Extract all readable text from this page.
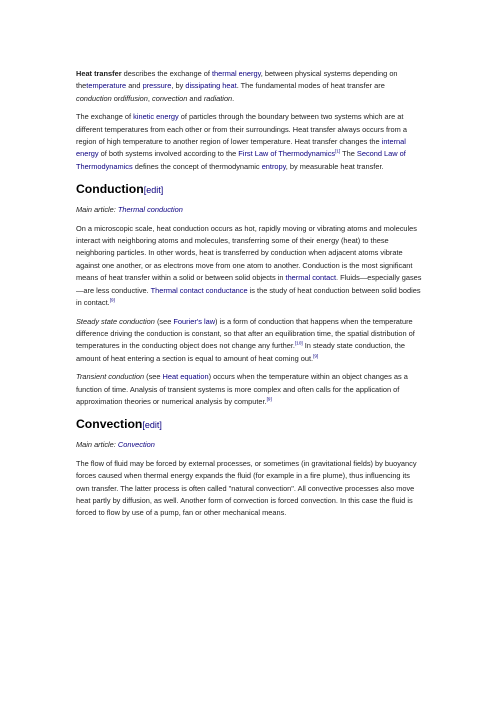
Heat transfer describes the exchange of thermal energy, between physical systems depending on thetemperature and pressure, by dissipating heat. The fundamental modes of heat transfer are conduction ordiffusion, convection and radiation.

The exchange of kinetic energy of particles through the boundary between two systems which are at different temperatures from each other or from their surroundings. Heat transfer always occurs from a region of high temperature to another region of lower temperature. Heat transfer changes the internal energy of both systems involved according to the First Law of Thermodynamics[1] The Second Law of Thermodynamics defines the concept of thermodynamic entropy, by measurable heat transfer.

Conduction[edit]

Main article: Thermal conduction

On a microscopic scale, heat conduction occurs as hot, rapidly moving or vibrating atoms and molecules interact with neighboring atoms and molecules, transferring some of their energy (heat) to these neighboring particles. In other words, heat is transferred by conduction when adjacent atoms vibrate against one another, or as electrons move from one atom to another. Conduction is the most significant means of heat transfer within a solid or between solid objects in thermal contact. Fluids—especially gases—are less conductive. Thermal contact conductance is the study of heat conduction between solid bodies in contact.[9]

Steady state conduction (see Fourier's law) is a form of conduction that happens when the temperature difference driving the conduction is constant, so that after an equilibration time, the spatial distribution of temperatures in the conducting object does not change any further.[10] In steady state conduction, the amount of heat entering a section is equal to amount of heat coming out.[9]

Transient conduction (see Heat equation) occurs when the temperature within an object changes as a function of time. Analysis of transient systems is more complex and often calls for the application of approximation theories or numerical analysis by computer.[9]

Convection[edit]

Main article: Convection

The flow of fluid may be forced by external processes, or sometimes (in gravitational fields) by buoyancy forces caused when thermal energy expands the fluid (for example in a fire plume), thus influencing its own transfer. The latter process is often called "natural convection". All convective processes also move heat partly by diffusion, as well. Another form of convection is forced convection. In this case the fluid is forced to flow by use of a pump, fan or other mechanical means.
